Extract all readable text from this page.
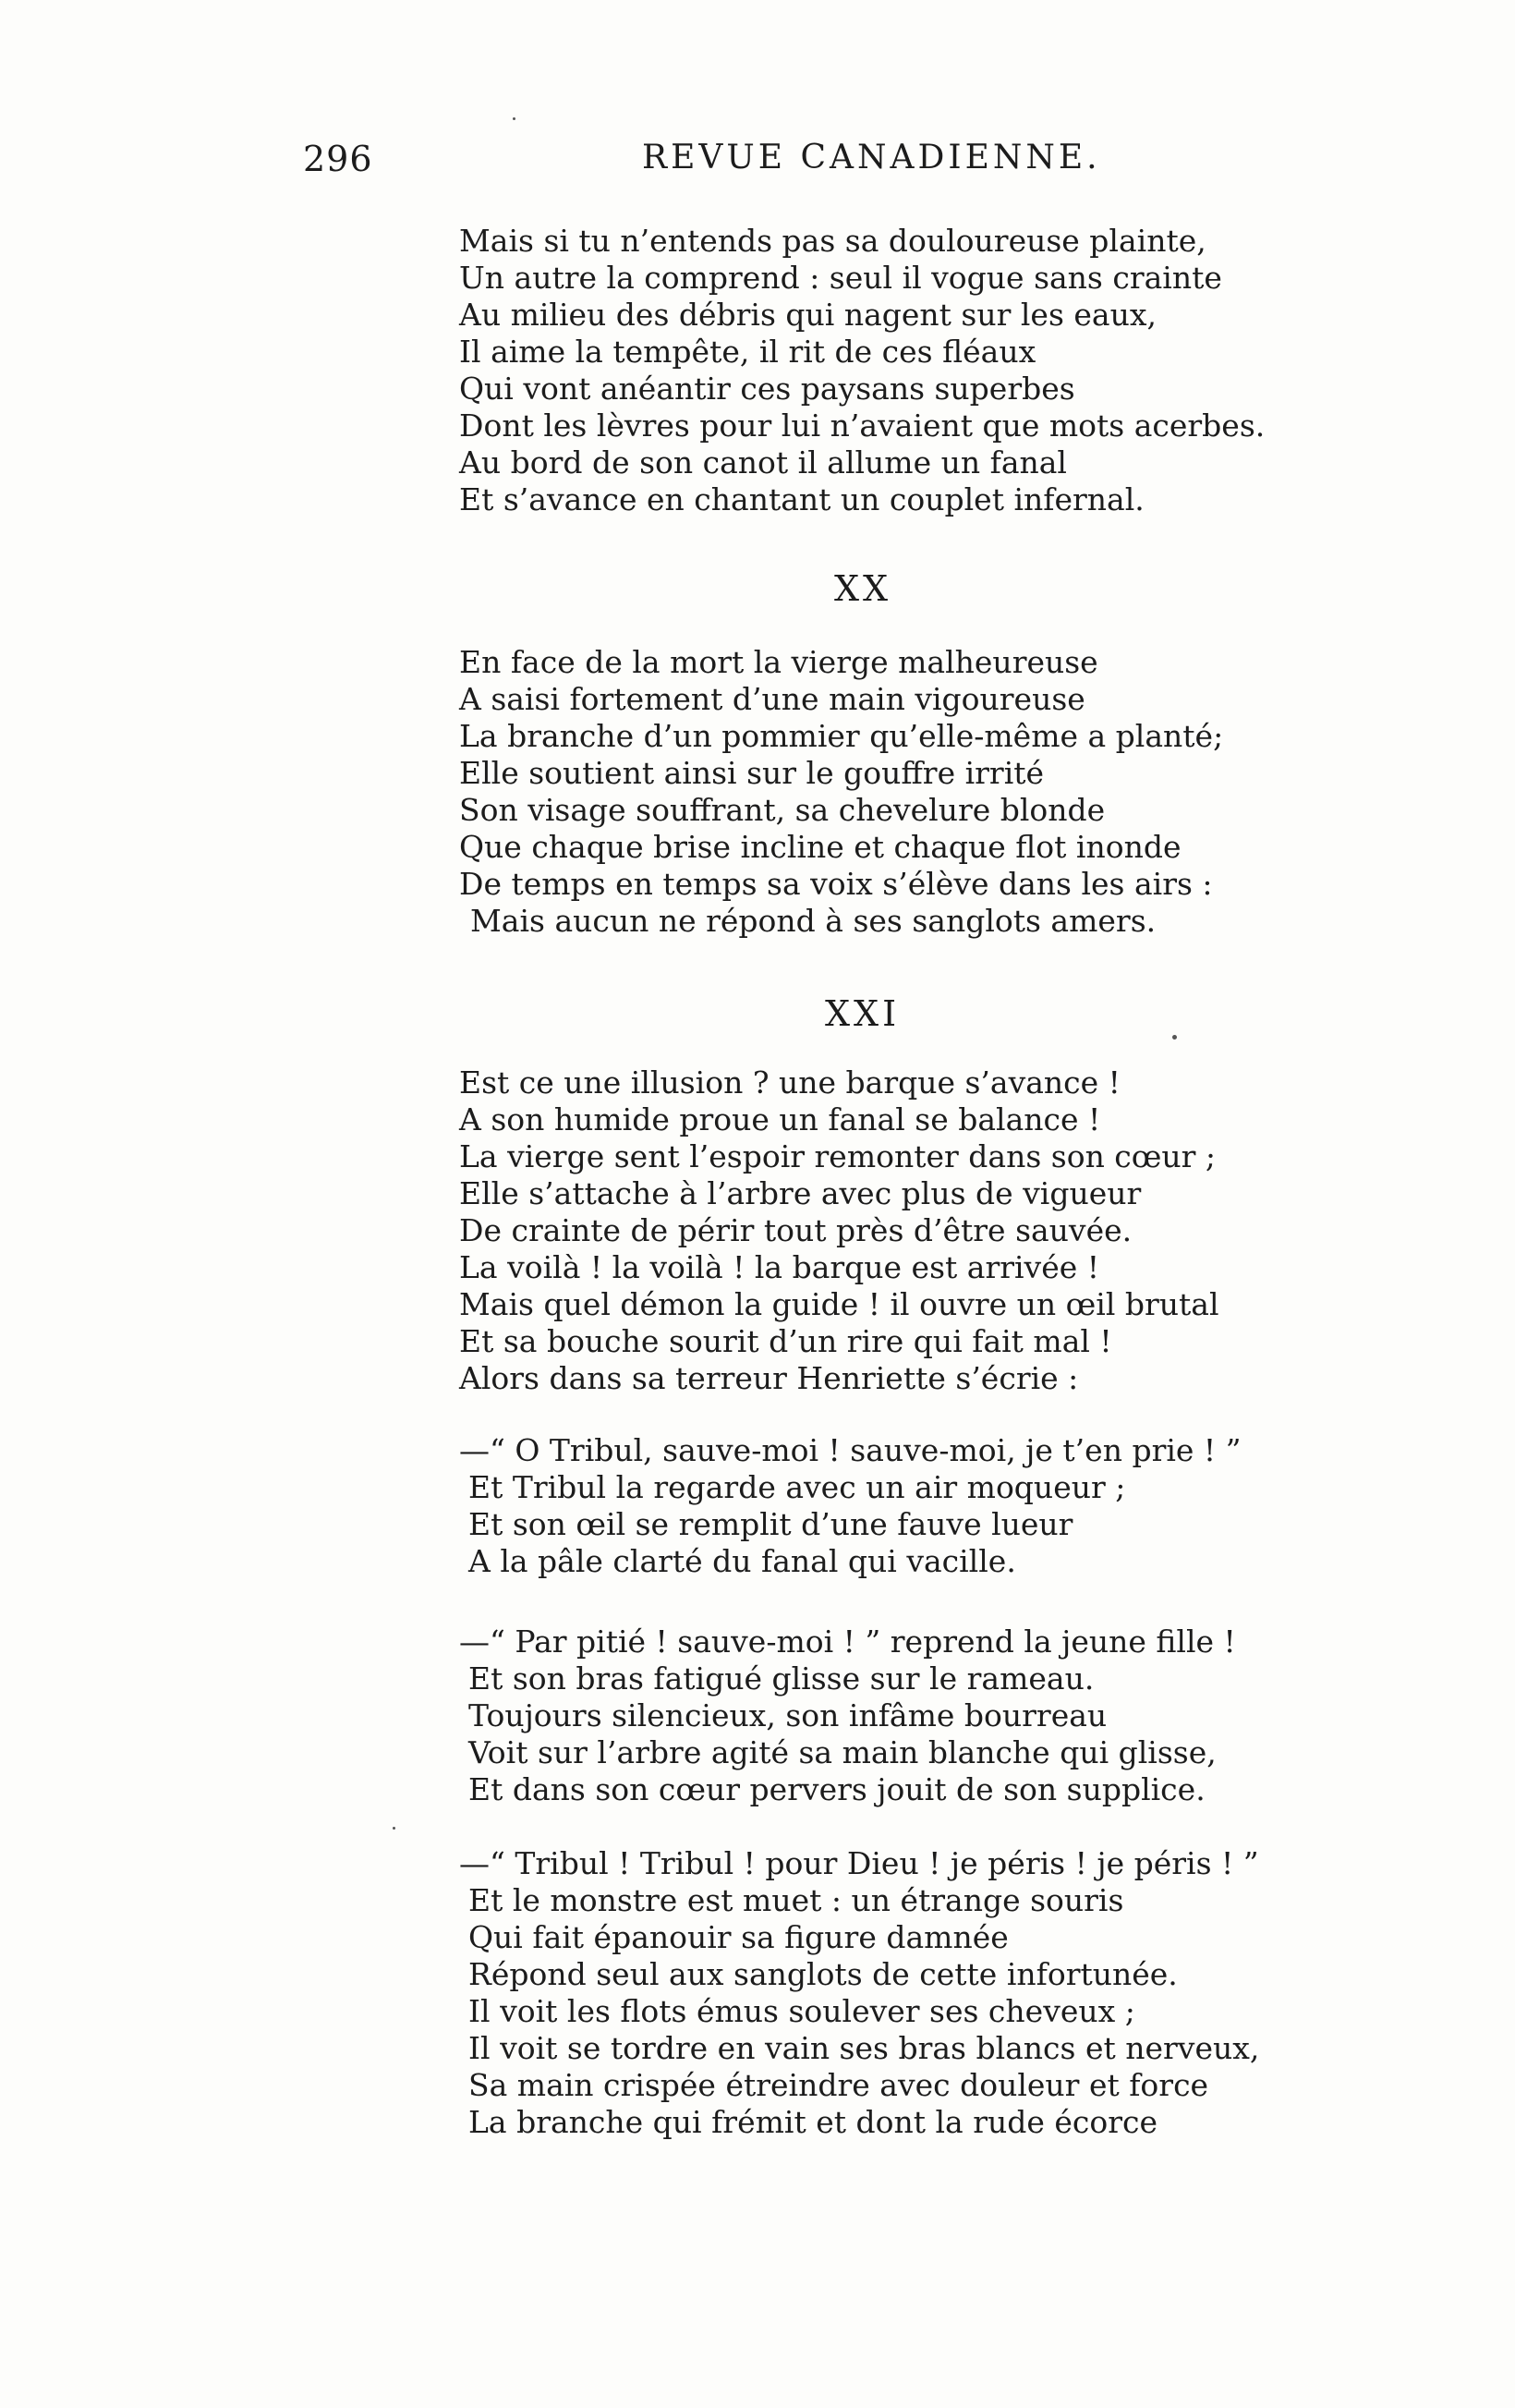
296	REVUE CANADIENNE.
Mais si tu n’entends pas sa douloureuse plainte,
Un autre la comprend : seul il vogue sans crainte
Au milieu des débris qui nagent sur les eaux,
Il aime la tempête, il rit de ces fléaux
Qui vont anéantir ces paysans superbes
Dont les lèvres pour lui n’avaient que mots acerbes.
Au bord de son canot il allume un fanal
Et s’avance en chantant un couplet infernal.
XX
En face de la mort la vierge malheureuse
A saisi fortement d’une main vigoureuse
La branche d’un pommier qu’elle-même a planté;
Elle soutient ainsi sur le gouffre irrité
Son visage souffrant, sa chevelure blonde
Que chaque brise incline et chaque flot inonde
De temps en temps sa voix s’élève dans les airs :
Mais aucun ne répond à ses sanglots amers.
XXI
Est ce une illusion ? une barque s’avance !
A son humide proue un fanal se balance !
La vierge sent l’espoir remonter dans son cœur ;
Elle s’attache à l’arbre avec plus de vigueur
De crainte de périr tout près d’être sauvée.
La voilà ! la voilà ! la barque est arrivée !
Mais quel démon la guide ! il ouvre un œil brutal
Et sa bouche sourit d’un rire qui fait mal !
Alors dans sa terreur Henriette s’écrie :
—“ O Tribul, sauve-moi ! sauve-moi, je t’en prie ! ”
Et Tribul la regarde avec un air moqueur ;
Et son œil se remplit d’une fauve lueur
A la pâle clarté du fanal qui vacille.
—“ Par pitié ! sauve-moi ! ” reprend la jeune fille !
Et son bras fatigué glisse sur le rameau.
Toujours silencieux, son infâme bourreau
Voit sur l’arbre agité sa main blanche qui glisse,
Et dans son cœur pervers jouit de son supplice.
—“ Tribul ! Tribul ! pour Dieu ! je péris ! je péris ! ”
Et le monstre est muet : un étrange souris
Qui fait épanouir sa figure damnée
Répond seul aux sanglots de cette infortunée.
Il voit les flots émus soulever ses cheveux ;
Il voit se tordre en vain ses bras blancs et nerveux,
Sa main crispée étreindre avec douleur et force
La branche qui frémit et dont la rude écorce
